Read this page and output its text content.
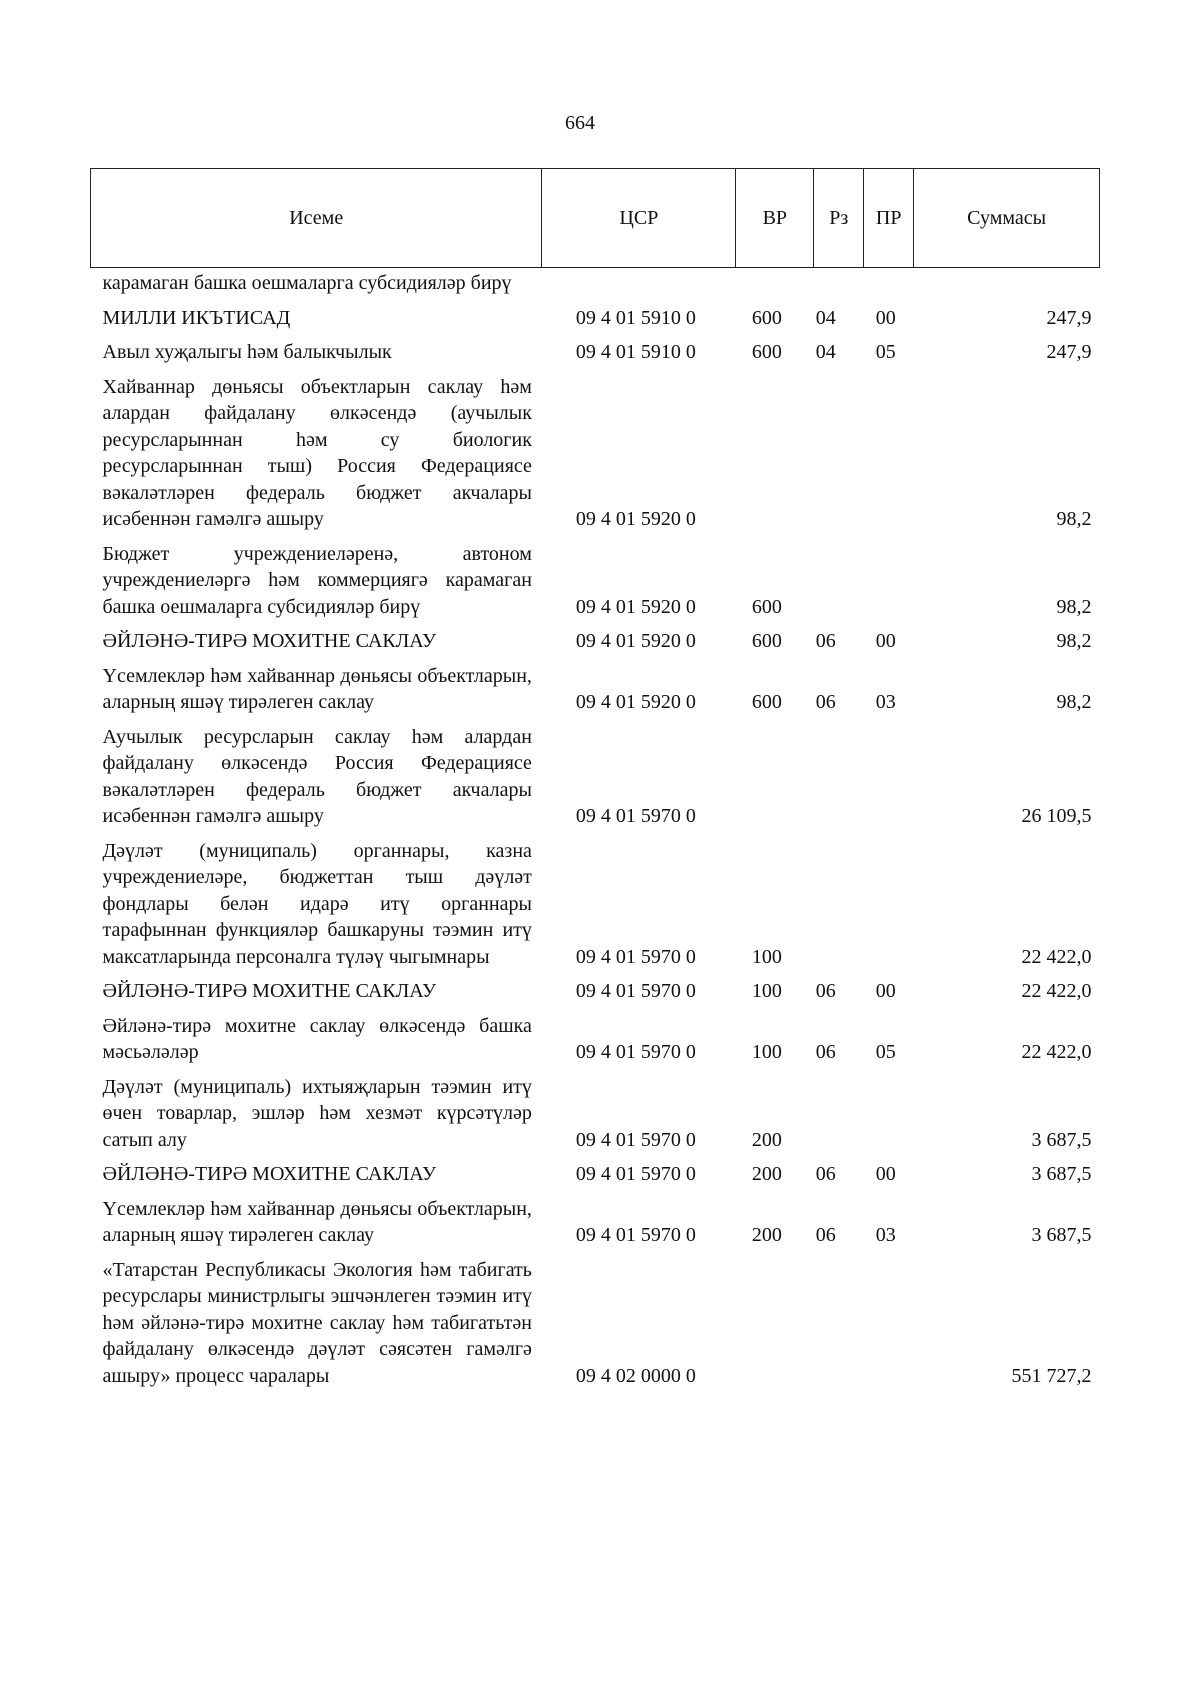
664
Исеме	ЦСР	ВР	Рз	ПР	Суммасы
карамаган башка оешмаларга субсидияләр бирү					
МИЛЛИ ИКЪТИСАД	09 4 01 5910 0	600	04	00	247,9
Авыл хуҗалыгы һәм балыкчылык	09 4 01 5910 0	600	04	05	247,9
Хайваннар дөньясы объектларын саклау һәм алардан файдалану өлкәсендә (аучылык ресурсларыннан һәм су биологик ресурсларыннан тыш) Россия Федерациясе вәкаләтләрен федераль бюджет акчалары исәбеннән гамәлгә ашыру	09 4 01 5920 0				98,2
Бюджет учреждениеләренә, автоном учреждениеләргә һәм коммерциягә карамаган башка оешмаларга субсидияләр бирү	09 4 01 5920 0	600			98,2
ӘЙЛӘНӘ-ТИРӘ МОХИТНЕ САКЛАУ	09 4 01 5920 0	600	06	00	98,2
Үсемлекләр һәм хайваннар дөньясы объектларын, аларның яшәү тирәлеген саклау	09 4 01 5920 0	600	06	03	98,2
Аучылык ресурсларын саклау һәм алардан файдалану өлкәсендә Россия Федерациясе вәкаләтләрен федераль бюджет акчалары исәбеннән гамәлгә ашыру	09 4 01 5970 0				26 109,5
Дәүләт (муниципаль) органнары, казна учреждениеләре, бюджеттан тыш дәүләт фондлары белән идарә итү органнары тарафыннан функцияләр башкаруны тәэмин итү максатларында персоналга түләү чыгымнары	09 4 01 5970 0	100			22 422,0
ӘЙЛӘНӘ-ТИРӘ МОХИТНЕ САКЛАУ	09 4 01 5970 0	100	06	00	22 422,0
Әйләнә-тирә мохитне саклау өлкәсендә башка мәсьәләләр	09 4 01 5970 0	100	06	05	22 422,0
Дәүләт (муниципаль) ихтыяҗларын тәэмин итү өчен товарлар, эшләр һәм хезмәт күрсәтүләр сатып алу	09 4 01 5970 0	200			3 687,5
ӘЙЛӘНӘ-ТИРӘ МОХИТНЕ САКЛАУ	09 4 01 5970 0	200	06	00	3 687,5
Үсемлекләр һәм хайваннар дөньясы объектларын, аларның яшәү тирәлеген саклау	09 4 01 5970 0	200	06	03	3 687,5
«Татарстан Республикасы Экология һәм табигать ресурслары министрлыгы эшчәнлеген тәэмин итү һәм әйләнә-тирә мохитне саклау һәм табигатьтән файдалану өлкәсендә дәүләт сәясәтен гамәлгә ашыру» процесс чаралары	09 4 02 0000 0				551 727,2
